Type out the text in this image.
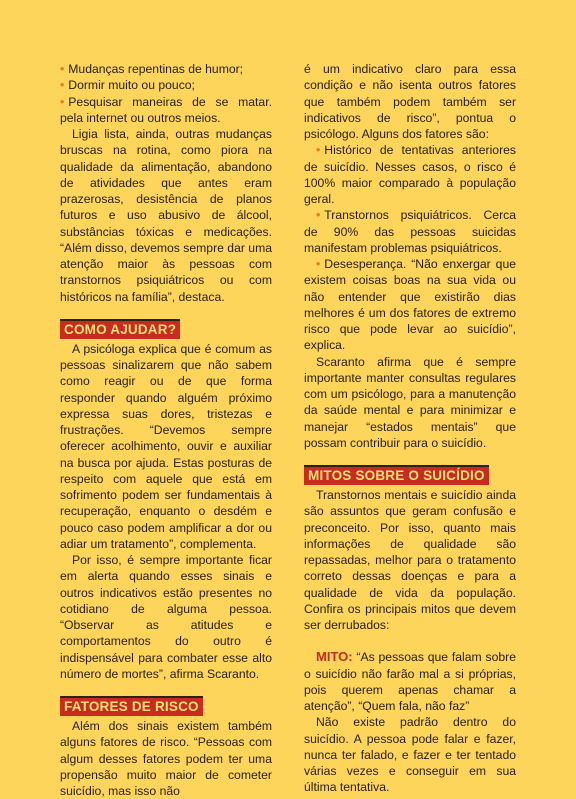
• Mudanças repentinas de humor;

• Dormir muito ou pouco;

• Pesquisar maneiras de se matar. pela internet ou outros meios.

Ligia lista, ainda, outras mudanças bruscas na rotina, como piora na qualidade da alimentação, abandono de atividades que antes eram prazerosas, desistência de planos futuros e uso abusivo de álcool, substâncias tóxicas e medicações. “Além disso, devemos sempre dar uma atenção maior às pessoas com transtornos psiquiátricos ou com históricos na família”, destaca.

COMO AJUDAR?

A psicóloga explica que é comum as pessoas sinalizarem que não sabem como reagir ou de que forma responder quando alguém próximo expressa suas dores, tristezas e frustrações. “Devemos sempre oferecer acolhimento, ouvir e auxiliar na busca por ajuda. Estas posturas de respeito com aquele que está em sofrimento podem ser fundamentais à recuperação, enquanto o desdém e pouco caso podem amplificar a dor ou adiar um tratamento”, complementa.

Por isso, é sempre importante ficar em alerta quando esses sinais e outros indicativos estão presentes no cotidiano de alguma pessoa. “Observar as atitudes e comportamentos do outro é indispensável para combater esse alto número de mortes”, afirma Scaranto.

FATORES DE RISCO

Além dos sinais existem também alguns fatores de risco. “Pessoas com algum desses fatores podem ter uma propensão muito maior de cometer suicídio, mas isso não

é um indicativo claro para essa condição e não isenta outros fatores que também podem também ser indicativos de risco”, pontua o psicólogo. Alguns dos fatores são:

• Histórico de tentativas anteriores de suicídio. Nesses casos, o risco é 100% maior comparado à população geral.

• Transtornos psiquiátricos. Cerca de 90% das pessoas suicidas manifestam problemas psiquiátricos.

• Desesperança. “Não enxergar que existem coisas boas na sua vida ou não entender que existirão dias melhores é um dos fatores de extremo risco que pode levar ao suicídio”, explica.

Scaranto afirma que é sempre importante manter consultas regulares com um psicólogo, para a manutenção da saúde mental e para minimizar e manejar “estados mentais” que possam contribuir para o suicídio.

MITOS SOBRE O SUICÍDIO

Transtornos mentais e suicídio ainda são assuntos que geram confusão e preconceito. Por isso, quanto mais informações de qualidade são repassadas, melhor para o tratamento correto dessas doenças e para a qualidade de vida da população. Confira os principais mitos que devem ser derrubados:

MITO: “As pessoas que falam sobre o suicídio não farão mal a si próprias, pois querem apenas chamar a atenção”, “Quem fala, não faz”

Não existe padrão dentro do suicídio. A pessoa pode falar e fazer, nunca ter falado, e fazer e ter tentado várias vezes e conseguir em sua última tentativa.
